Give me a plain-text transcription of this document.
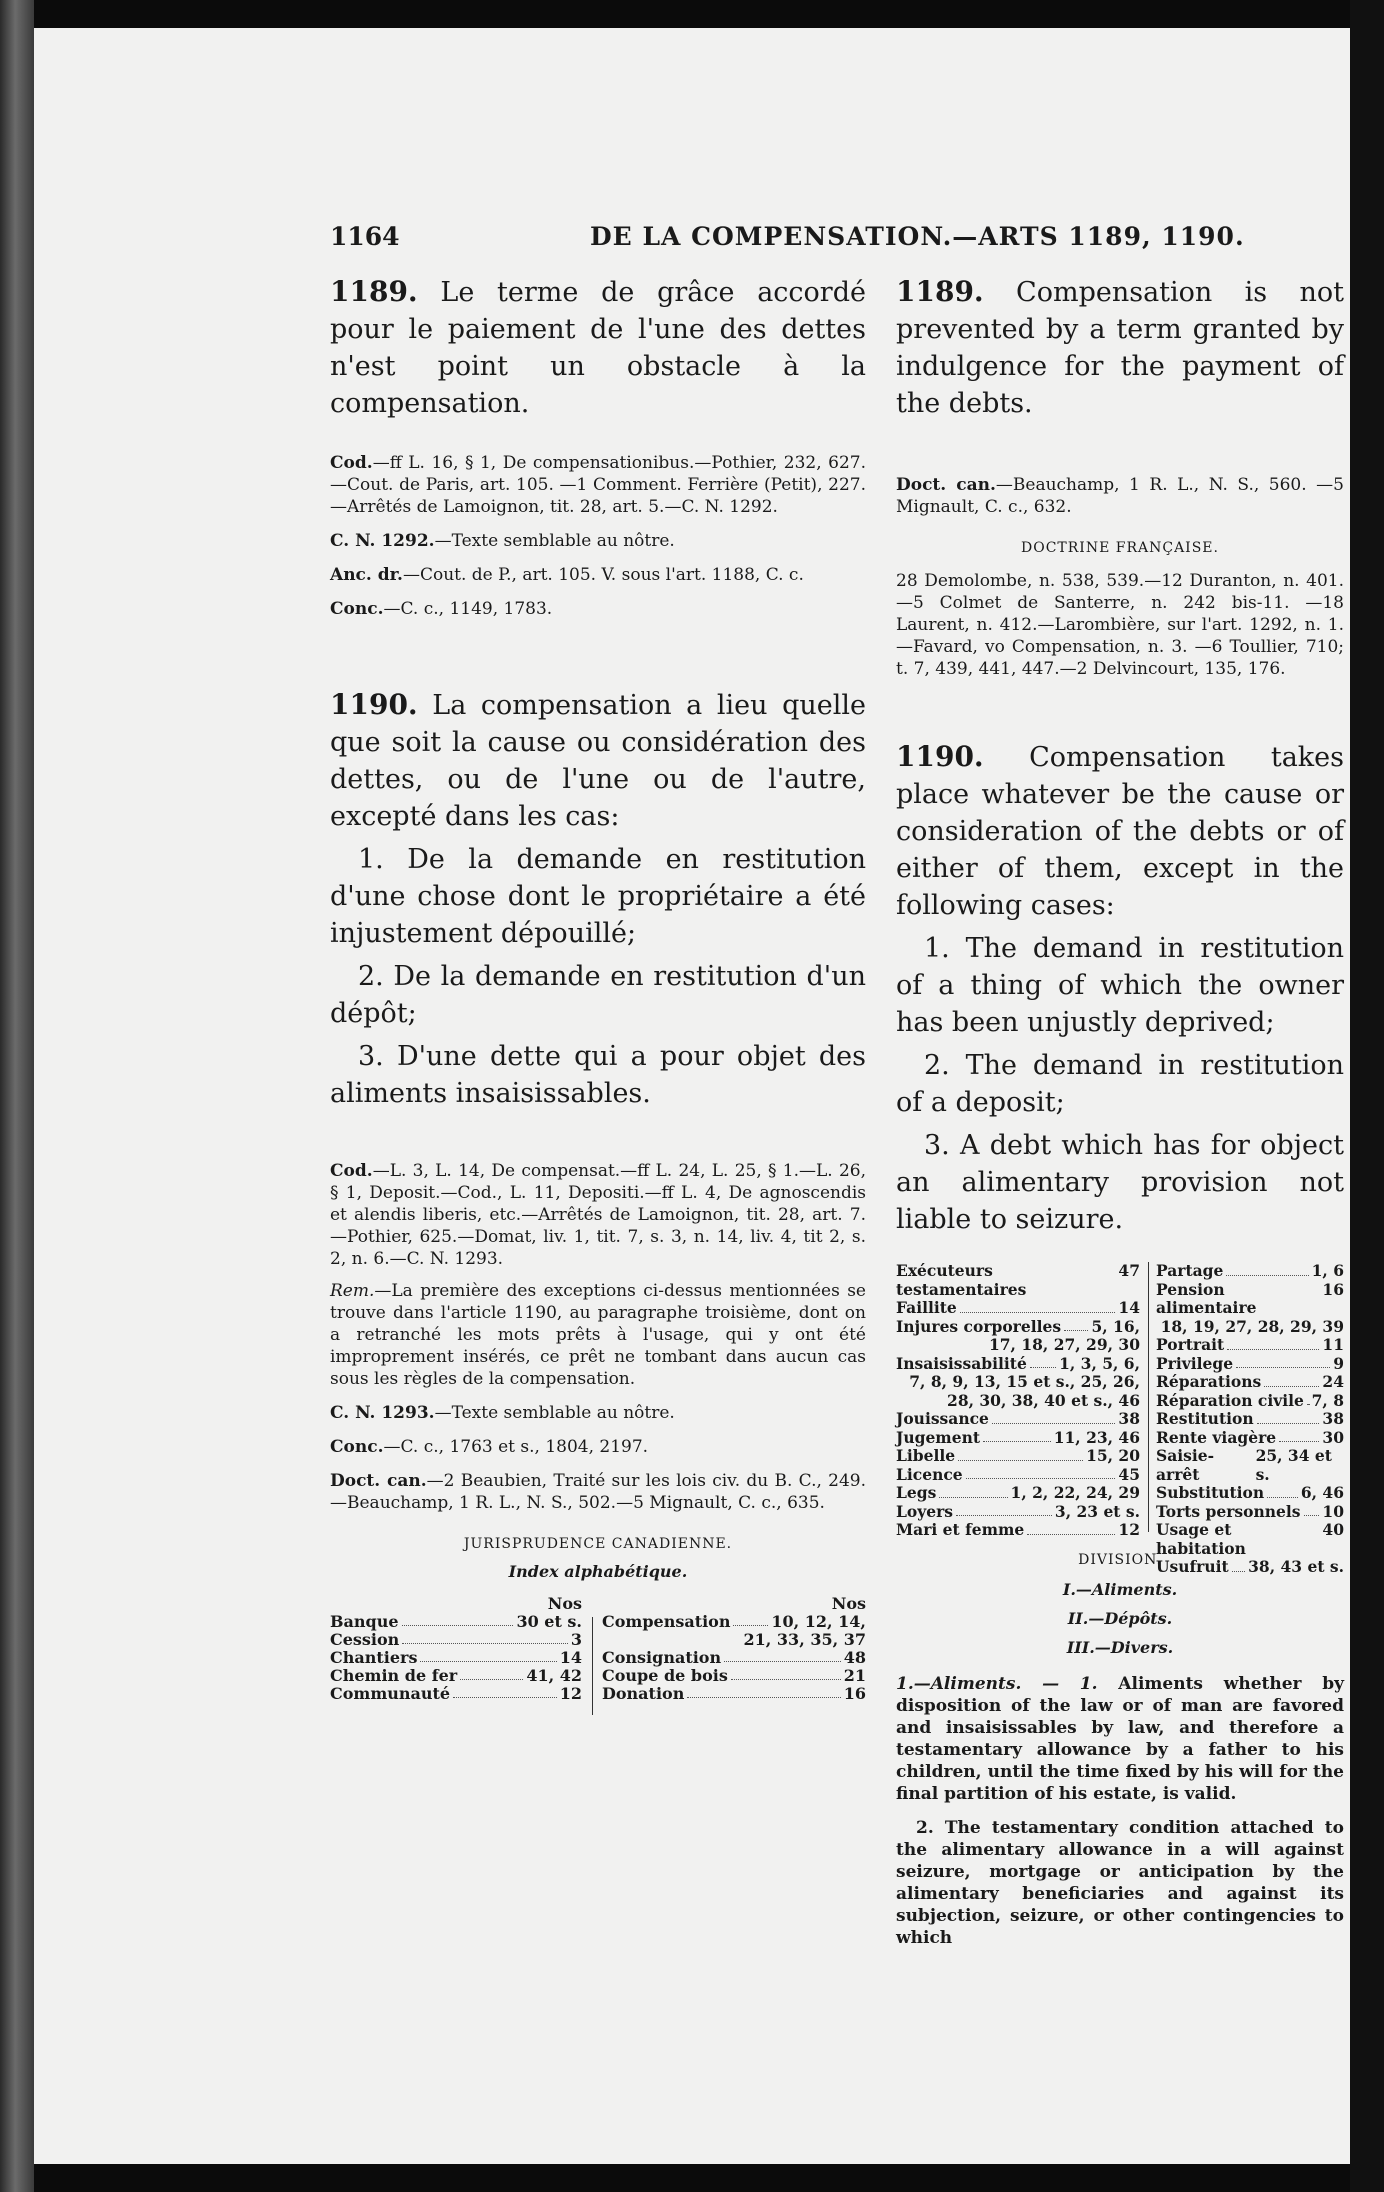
1164	DE LA COMPENSATION.—ARTS 1189, 1190.

1189. Le terme de grâce accordé pour le paiement de l'une des dettes n'est point un obstacle à la compensation.

Cod.—ff L. 16, § 1, De compensationibus.—Pothier, 232, 627.—Cout. de Paris, art. 105. —1 Comment. Ferrière (Petit), 227.—Arrêtés de Lamoignon, tit. 28, art. 5.—C. N. 1292.

C. N. 1292.—Texte semblable au nôtre.

Anc. dr.—Cout. de P., art. 105. V. sous l'art. 1188, C. c.

Conc.—C. c., 1149, 1783.

1190. La compensation a lieu quelle que soit la cause ou considération des dettes, ou de l'une ou de l'autre, excepté dans les cas:

1. De la demande en restitution d'une chose dont le propriétaire a été injustement dépouillé;

2. De la demande en restitution d'un dépôt;

3. D'une dette qui a pour objet des aliments insaisissables.

Cod.—L. 3, L. 14, De compensat.—ff L. 24, L. 25, § 1.—L. 26, § 1, Deposit.—Cod., L. 11, Depositi.—ff L. 4, De agnoscendis et alendis liberis, etc.—Arrêtés de Lamoignon, tit. 28, art. 7.—Pothier, 625.—Domat, liv. 1, tit. 7, s. 3, n. 14, liv. 4, tit 2, s. 2, n. 6.—C. N. 1293.

Rem.—La première des exceptions ci-dessus mentionnées se trouve dans l'article 1190, au paragraphe troisième, dont on a retranché les mots prêts à l'usage, qui y ont été improprement insérés, ce prêt ne tombant dans aucun cas sous les règles de la compensation.

C. N. 1293.—Texte semblable au nôtre.

Conc.—C. c., 1763 et s., 1804, 2197.

Doct. can.—2 Beaubien, Traité sur les lois civ. du B. C., 249.—Beauchamp, 1 R. L., N. S., 502.—5 Mignault, C. c., 635.

JURISPRUDENCE CANADIENNE.

Index alphabétique.

Nos
Banque	30 et s.
Cession	3
Chantiers	14
Chemin de fer	41, 42
Communauté	12
Nos
Compensation	10, 12, 14,
21, 33, 35, 37
Consignation	48
Coupe de bois	21
Donation	16

1189. Compensation is not prevented by a term granted by indulgence for the payment of the debts.

Doct. can.—Beauchamp, 1 R. L., N. S., 560. —5 Mignault, C. c., 632.

DOCTRINE FRANÇAISE.

28 Demolombe, n. 538, 539.—12 Duranton, n. 401.—5 Colmet de Santerre, n. 242 bis-11. —18 Laurent, n. 412.—Larombière, sur l'art. 1292, n. 1.—Favard, vo Compensation, n. 3. —6 Toullier, 710; t. 7, 439, 441, 447.—2 Delvincourt, 135, 176.

1190. Compensation takes place whatever be the cause or consideration of the debts or of either of them, except in the following cases:

1. The demand in restitution of a thing of which the owner has been unjustly deprived;

2. The demand in restitution of a deposit;

3. A debt which has for object an alimentary provision not liable to seizure.

Exécuteurs testamentaires
47
Faillite	14
Injures corporelles 5, 16,
17, 18, 27, 29, 30
Insaisissabilité 1, 3, 5, 6,
7, 8, 9, 13, 15 et s., 25, 26,
28, 30, 38, 40 et s., 46
Jouissance	38
Jugement	11, 23, 46
Libelle	15, 20
Licence	45
Legs	1, 2, 22, 24, 29
Loyers	3, 23 et s.
Mari et femme	12
Partage	1, 6
Pension alimentaire
16
18, 19, 27, 28, 29, 39
Portrait	11
Privilege	9
Réparations	24
Réparation civile 7, 8
Restitution	38
Rente viagère	30
Saisie-arrêt
25, 34 et s.
Substitution 6, 46
Torts personnels 10
Usage et habitation
40
Usufruit 38, 43 et s.

DIVISION.

I.—Aliments.

II.—Dépôts.

III.—Divers.

1.—Aliments. — 1. Aliments whether by disposition of the law or of man are favored and insaisissables by law, and therefore a testamentary allowance by a father to his children, until the time fixed by his will for the final partition of his estate, is valid.

2. The testamentary condition attached to the alimentary allowance in a will against seizure, mortgage or anticipation by the alimentary beneficiaries and against its subjection, seizure, or other contingencies to which
